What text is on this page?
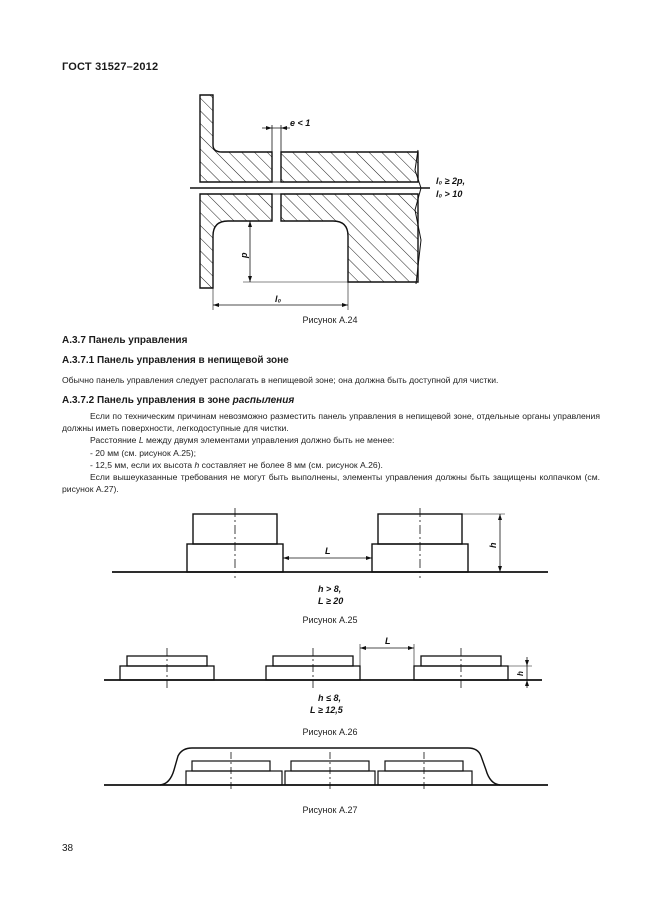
ГОСТ 31527–2012
e < 1
l₀ ≥ 2p,
l₀ > 10
p
l₀
L
h
h > 8,
L ≥ 20
L
h
h ≤ 8,
L ≥ 12,5
Рисунок А.24
А.3.7 Панель управления
А.3.7.1 Панель управления в непищевой зоне

Обычно панель управления следует располагать в непищевой зоне; она должна быть доступной для чистки.

А.3.7.2 Панель управления в зоне распыления

Если по техническим причинам невозможно разместить панель управления в непищевой зоне, отдельные органы управления должны иметь поверхности, легкодоступные для чистки.

Расстояние L между двумя элементами управления должно быть не менее:

- 20 мм (см. рисунок А.25);

- 12,5 мм, если их высота h составляет не более 8 мм (см. рисунок А.26).

Если вышеуказанные требования не могут быть выполнены, элементы управления должны быть защищены колпачком (см. рисунок А.27).

Рисунок А.25
Рисунок А.26
Рисунок А.27
38
